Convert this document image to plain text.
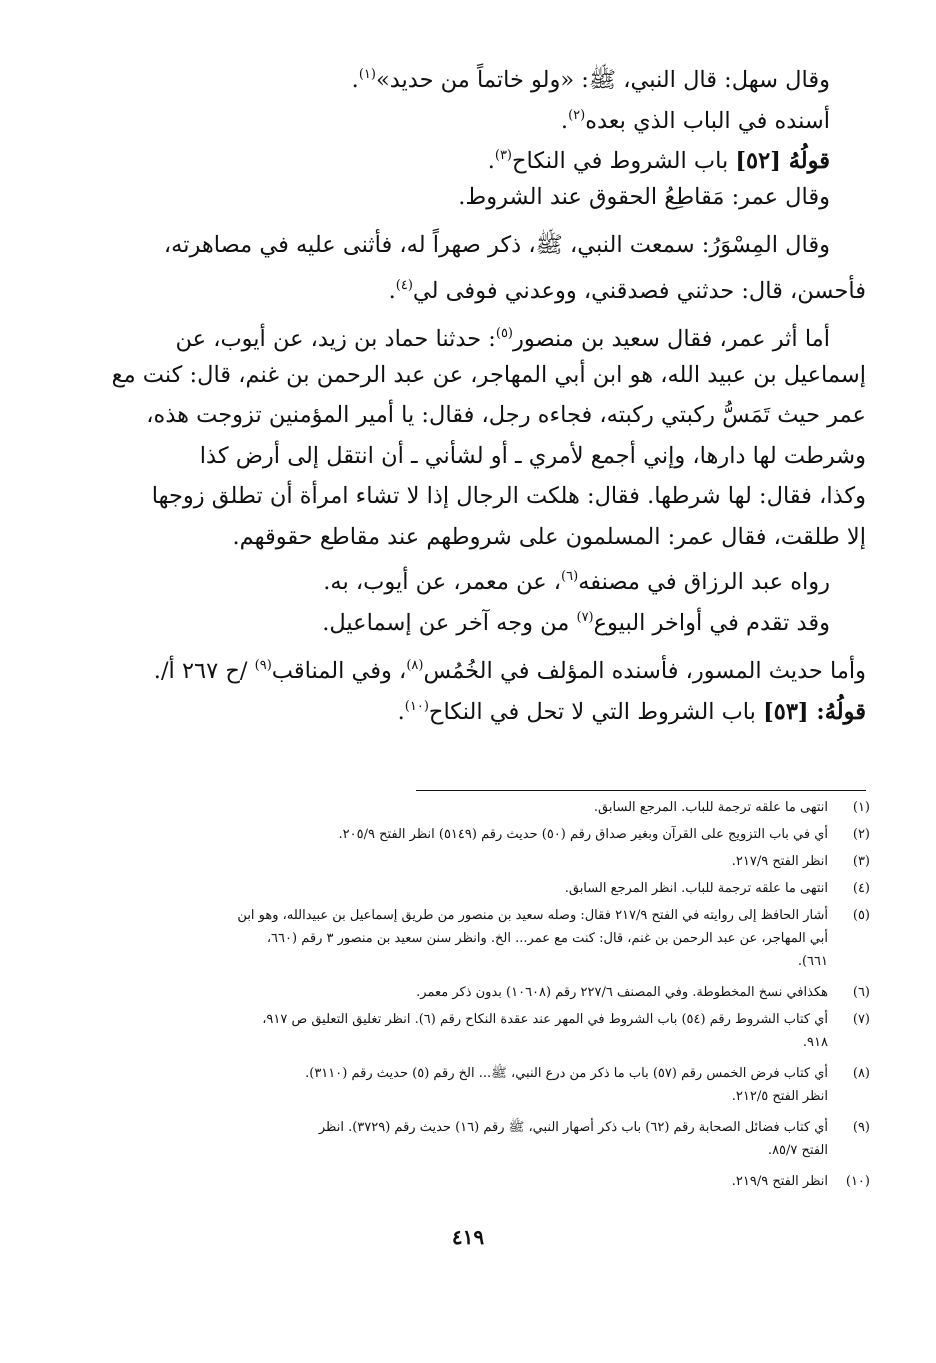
وقال سهل: قال النبي، ﷺ: «ولو خاتماً من حديد»$^{(١)}$.
أسنده في الباب الذي بعده$^{(٢)}$.
قولُهُ [٥٢] باب الشروط في النكاح$^{(٣)}$.
وقال عمر: مَقاطِعُ الحقوق عند الشروط.
وقال المِسْوَرُ: سمعت النبي، ﷺ، ذكر صهراً له، فأثنى عليه في مصاهرته،
فأحسن، قال: حدثني فصدقني، ووعدني فوفى لي$^{(٤)}$.
أما أثر عمر، فقال سعيد بن منصور$^{(٥)}$: حدثنا حماد بن زيد، عن أيوب، عن
إسماعيل بن عبيد الله، هو ابن أبي المهاجر، عن عبد الرحمن بن غنم، قال: كنت مع
عمر حيث تَمَسُّ ركبتي ركبته، فجاءه رجل، فقال: يا أمير المؤمنين تزوجت هذه،
وشرطت لها دارها، وإني أجمع لأمري ـ أو لشأني ـ أن انتقل إلى أرض كذا
وكذا، فقال: لها شرطها. فقال: هلكت الرجال إذا لا تشاء امرأة أن تطلق زوجها
إلا طلقت، فقال عمر: المسلمون على شروطهم عند مقاطع حقوقهم.
رواه عبد الرزاق في مصنفه$^{(٦)}$، عن معمر، عن أيوب، به.
وقد تقدم في أواخر البيوع$^{(٧)}$ من وجه آخر عن إسماعيل.
وأما حديث المسور، فأسنده المؤلف في الخُمُس$^{(٨)}$، وفي المناقب$^{(٩)}$ /ح ٢٦٧ أ/.
قولُهُ: [٥٣] باب الشروط التي لا تحل في النكاح$^{(١٠)}$.
(١)
انتهى ما علقه ترجمة للباب. المرجع السابق.
(٢)
أي في باب التزويج على القرآن وبغير صداق رقم (٥٠) حديث رقم (٥١٤٩) انظر الفتح ٢٠٥/٩.
(٣)
انظر الفتح ٢١٧/٩.
(٤)
انتهى ما علقه ترجمة للباب. انظر المرجع السابق.
(٥)
أشار الحافظ إلى روايته في الفتح ٢١٧/٩ فقال: وصله سعيد بن منصور من طريق إسماعيل بن عبيدالله، وهو ابن
أبي المهاجر، عن عبد الرحمن بن غنم، قال: كنت مع عمر... الخ. وانظر سنن سعيد بن منصور ٣ رقم (٦٦٠،
٦٦١).
(٦)
هكذافي نسخ المخطوطة. وفي المصنف ٢٢٧/٦ رقم (١٠٦٠٨) بدون ذكر معمر.
(٧)
أي كتاب الشروط رقم (٥٤) باب الشروط في المهر عند عقدة النكاح رقم (٦). انظر تغليق التعليق ص ٩١٧،
٩١٨.
(٨)
أي كتاب فرض الخمس رقم (٥٧) باب ما ذكر من درع النبي، ﷺ... الخ رقم (٥) حديث رقم (٣١١٠).
انظر الفتح ٢١٢/٥.
(٩)
أي كتاب فضائل الصحابة رقم (٦٢) باب ذكر أصهار النبي، ﷺ رقم (١٦) حديث رقم (٣٧٢٩). انظر
الفتح ٨٥/٧.
(١٠)
انظر الفتح ٢١٩/٩.
٤١٩
